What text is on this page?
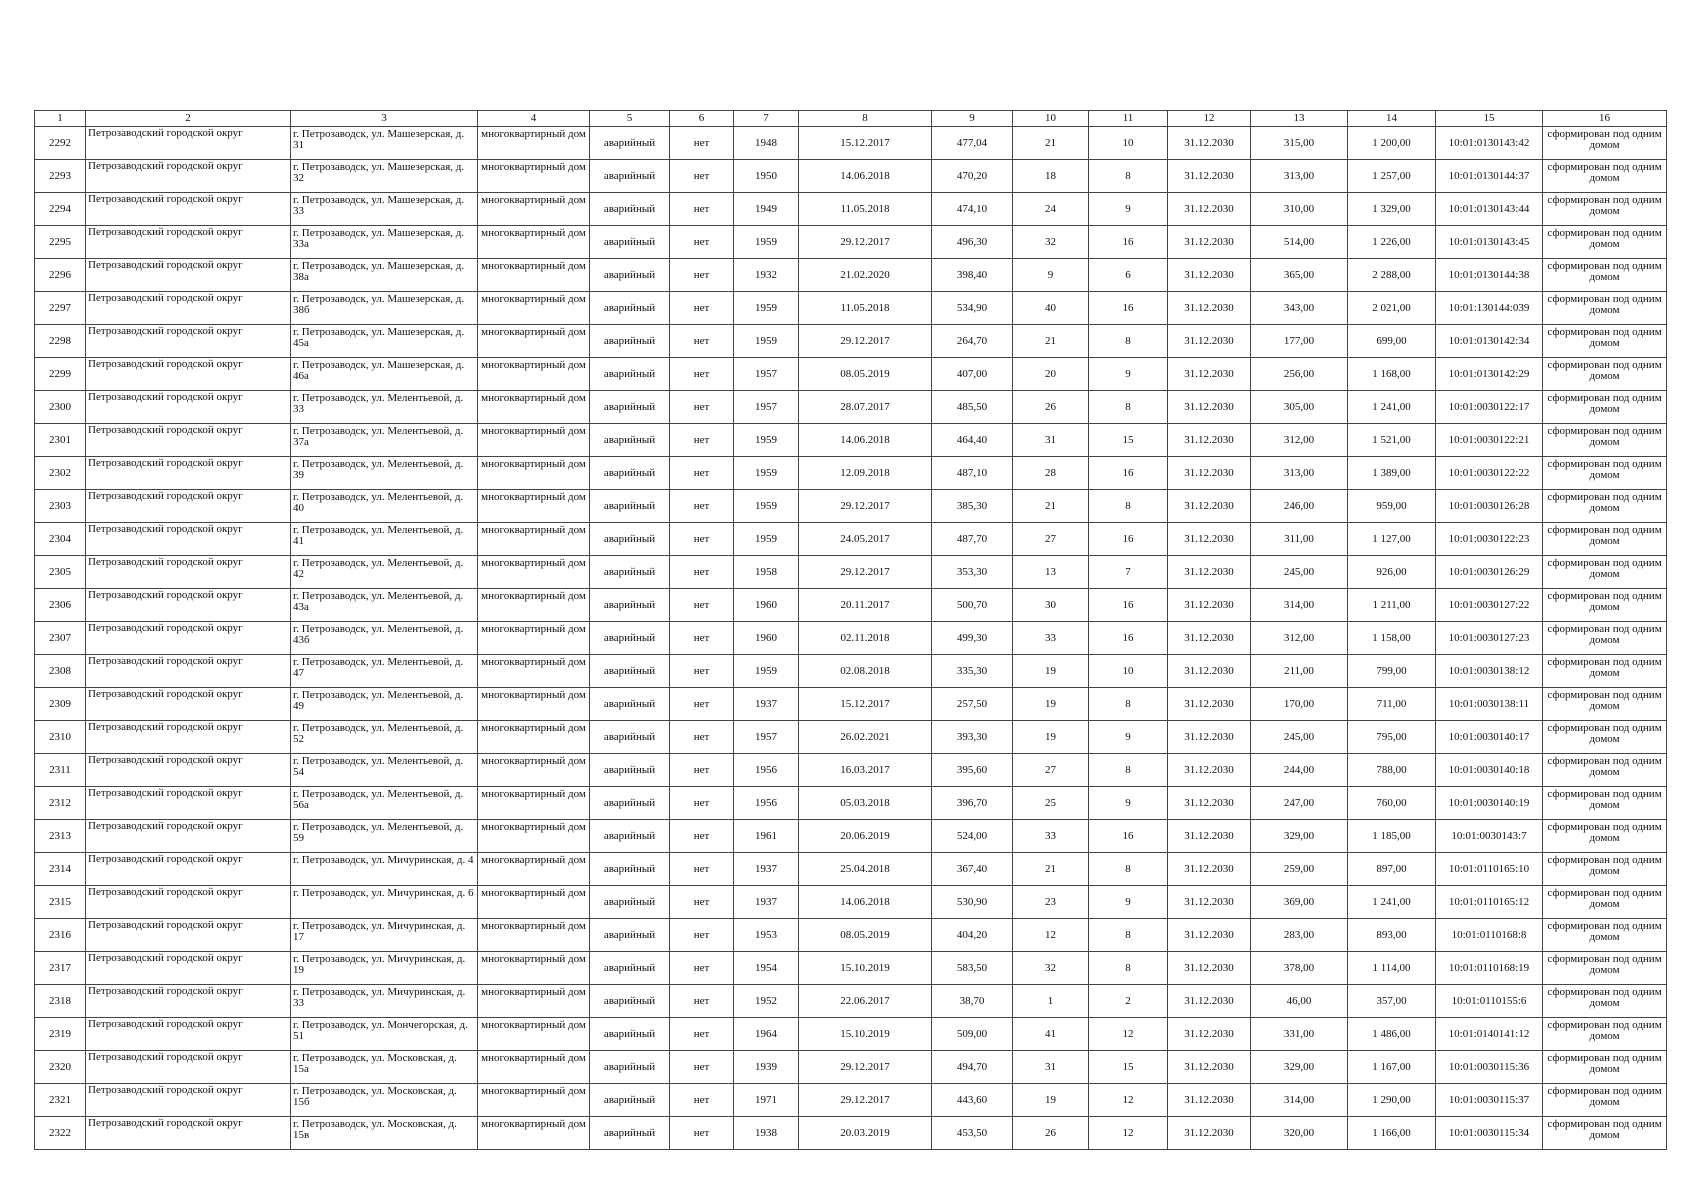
1	2	3	4	5	6	7	8	9	10	11	12	13	14	15	16
2292	Петрозаводский городской округ	г. Петрозаводск, ул. Машезерская, д. 31	многоквартирный дом	аварийный	нет	1948	15.12.2017	477,04	21	10	31.12.2030	315,00	1 200,00	10:01:0130143:42	сформирован под одним домом
2293	Петрозаводский городской округ	г. Петрозаводск, ул. Машезерская, д. 32	многоквартирный дом	аварийный	нет	1950	14.06.2018	470,20	18	8	31.12.2030	313,00	1 257,00	10:01:0130144:37	сформирован под одним домом
2294	Петрозаводский городской округ	г. Петрозаводск, ул. Машезерская, д. 33	многоквартирный дом	аварийный	нет	1949	11.05.2018	474,10	24	9	31.12.2030	310,00	1 329,00	10:01:0130143:44	сформирован под одним домом
2295	Петрозаводский городской округ	г. Петрозаводск, ул. Машезерская, д. 33а	многоквартирный дом	аварийный	нет	1959	29.12.2017	496,30	32	16	31.12.2030	514,00	1 226,00	10:01:0130143:45	сформирован под одним домом
2296	Петрозаводский городской округ	г. Петрозаводск, ул. Машезерская, д. 38а	многоквартирный дом	аварийный	нет	1932	21.02.2020	398,40	9	6	31.12.2030	365,00	2 288,00	10:01:0130144:38	сформирован под одним домом
2297	Петрозаводский городской округ	г. Петрозаводск, ул. Машезерская, д. 38б	многоквартирный дом	аварийный	нет	1959	11.05.2018	534,90	40	16	31.12.2030	343,00	2 021,00	10:01:130144:039	сформирован под одним домом
2298	Петрозаводский городской округ	г. Петрозаводск, ул. Машезерская, д. 45а	многоквартирный дом	аварийный	нет	1959	29.12.2017	264,70	21	8	31.12.2030	177,00	699,00	10:01:0130142:34	сформирован под одним домом
2299	Петрозаводский городской округ	г. Петрозаводск, ул. Машезерская, д. 46а	многоквартирный дом	аварийный	нет	1957	08.05.2019	407,00	20	9	31.12.2030	256,00	1 168,00	10:01:0130142:29	сформирован под одним домом
2300	Петрозаводский городской округ	г. Петрозаводск, ул. Мелентьевой, д. 33	многоквартирный дом	аварийный	нет	1957	28.07.2017	485,50	26	8	31.12.2030	305,00	1 241,00	10:01:0030122:17	сформирован под одним домом
2301	Петрозаводский городской округ	г. Петрозаводск, ул. Мелентьевой, д. 37а	многоквартирный дом	аварийный	нет	1959	14.06.2018	464,40	31	15	31.12.2030	312,00	1 521,00	10:01:0030122:21	сформирован под одним домом
2302	Петрозаводский городской округ	г. Петрозаводск, ул. Мелентьевой, д. 39	многоквартирный дом	аварийный	нет	1959	12.09.2018	487,10	28	16	31.12.2030	313,00	1 389,00	10:01:0030122:22	сформирован под одним домом
2303	Петрозаводский городской округ	г. Петрозаводск, ул. Мелентьевой, д. 40	многоквартирный дом	аварийный	нет	1959	29.12.2017	385,30	21	8	31.12.2030	246,00	959,00	10:01:0030126:28	сформирован под одним домом
2304	Петрозаводский городской округ	г. Петрозаводск, ул. Мелентьевой, д. 41	многоквартирный дом	аварийный	нет	1959	24.05.2017	487,70	27	16	31.12.2030	311,00	1 127,00	10:01:0030122:23	сформирован под одним домом
2305	Петрозаводский городской округ	г. Петрозаводск, ул. Мелентьевой, д. 42	многоквартирный дом	аварийный	нет	1958	29.12.2017	353,30	13	7	31.12.2030	245,00	926,00	10:01:0030126:29	сформирован под одним домом
2306	Петрозаводский городской округ	г. Петрозаводск, ул. Мелентьевой, д. 43а	многоквартирный дом	аварийный	нет	1960	20.11.2017	500,70	30	16	31.12.2030	314,00	1 211,00	10:01:0030127:22	сформирован под одним домом
2307	Петрозаводский городской округ	г. Петрозаводск, ул. Мелентьевой, д. 43б	многоквартирный дом	аварийный	нет	1960	02.11.2018	499,30	33	16	31.12.2030	312,00	1 158,00	10:01:0030127:23	сформирован под одним домом
2308	Петрозаводский городской округ	г. Петрозаводск, ул. Мелентьевой, д. 47	многоквартирный дом	аварийный	нет	1959	02.08.2018	335,30	19	10	31.12.2030	211,00	799,00	10:01:0030138:12	сформирован под одним домом
2309	Петрозаводский городской округ	г. Петрозаводск, ул. Мелентьевой, д. 49	многоквартирный дом	аварийный	нет	1937	15.12.2017	257,50	19	8	31.12.2030	170,00	711,00	10:01:0030138:11	сформирован под одним домом
2310	Петрозаводский городской округ	г. Петрозаводск, ул. Мелентьевой, д. 52	многоквартирный дом	аварийный	нет	1957	26.02.2021	393,30	19	9	31.12.2030	245,00	795,00	10:01:0030140:17	сформирован под одним домом
2311	Петрозаводский городской округ	г. Петрозаводск, ул. Мелентьевой, д. 54	многоквартирный дом	аварийный	нет	1956	16.03.2017	395,60	27	8	31.12.2030	244,00	788,00	10:01:0030140:18	сформирован под одним домом
2312	Петрозаводский городской округ	г. Петрозаводск, ул. Мелентьевой, д. 56а	многоквартирный дом	аварийный	нет	1956	05.03.2018	396,70	25	9	31.12.2030	247,00	760,00	10:01:0030140:19	сформирован под одним домом
2313	Петрозаводский городской округ	г. Петрозаводск, ул. Мелентьевой, д. 59	многоквартирный дом	аварийный	нет	1961	20.06.2019	524,00	33	16	31.12.2030	329,00	1 185,00	10:01:0030143:7	сформирован под одним домом
2314	Петрозаводский городской округ	г. Петрозаводск, ул. Мичуринская, д. 4	многоквартирный дом	аварийный	нет	1937	25.04.2018	367,40	21	8	31.12.2030	259,00	897,00	10:01:0110165:10	сформирован под одним домом
2315	Петрозаводский городской округ	г. Петрозаводск, ул. Мичуринская, д. 6	многоквартирный дом	аварийный	нет	1937	14.06.2018	530,90	23	9	31.12.2030	369,00	1 241,00	10:01:0110165:12	сформирован под одним домом
2316	Петрозаводский городской округ	г. Петрозаводск, ул. Мичуринская, д. 17	многоквартирный дом	аварийный	нет	1953	08.05.2019	404,20	12	8	31.12.2030	283,00	893,00	10:01:0110168:8	сформирован под одним домом
2317	Петрозаводский городской округ	г. Петрозаводск, ул. Мичуринская, д. 19	многоквартирный дом	аварийный	нет	1954	15.10.2019	583,50	32	8	31.12.2030	378,00	1 114,00	10:01:0110168:19	сформирован под одним домом
2318	Петрозаводский городской округ	г. Петрозаводск, ул. Мичуринская, д. 33	многоквартирный дом	аварийный	нет	1952	22.06.2017	38,70	1	2	31.12.2030	46,00	357,00	10:01:0110155:6	сформирован под одним домом
2319	Петрозаводский городской округ	г. Петрозаводск, ул. Мончегорская, д. 51	многоквартирный дом	аварийный	нет	1964	15.10.2019	509,00	41	12	31.12.2030	331,00	1 486,00	10:01:0140141:12	сформирован под одним домом
2320	Петрозаводский городской округ	г. Петрозаводск, ул. Московская, д. 15а	многоквартирный дом	аварийный	нет	1939	29.12.2017	494,70	31	15	31.12.2030	329,00	1 167,00	10:01:0030115:36	сформирован под одним домом
2321	Петрозаводский городской округ	г. Петрозаводск, ул. Московская, д. 15б	многоквартирный дом	аварийный	нет	1971	29.12.2017	443,60	19	12	31.12.2030	314,00	1 290,00	10:01:0030115:37	сформирован под одним домом
2322	Петрозаводский городской округ	г. Петрозаводск, ул. Московская, д. 15в	многоквартирный дом	аварийный	нет	1938	20.03.2019	453,50	26	12	31.12.2030	320,00	1 166,00	10:01:0030115:34	сформирован под одним домом
